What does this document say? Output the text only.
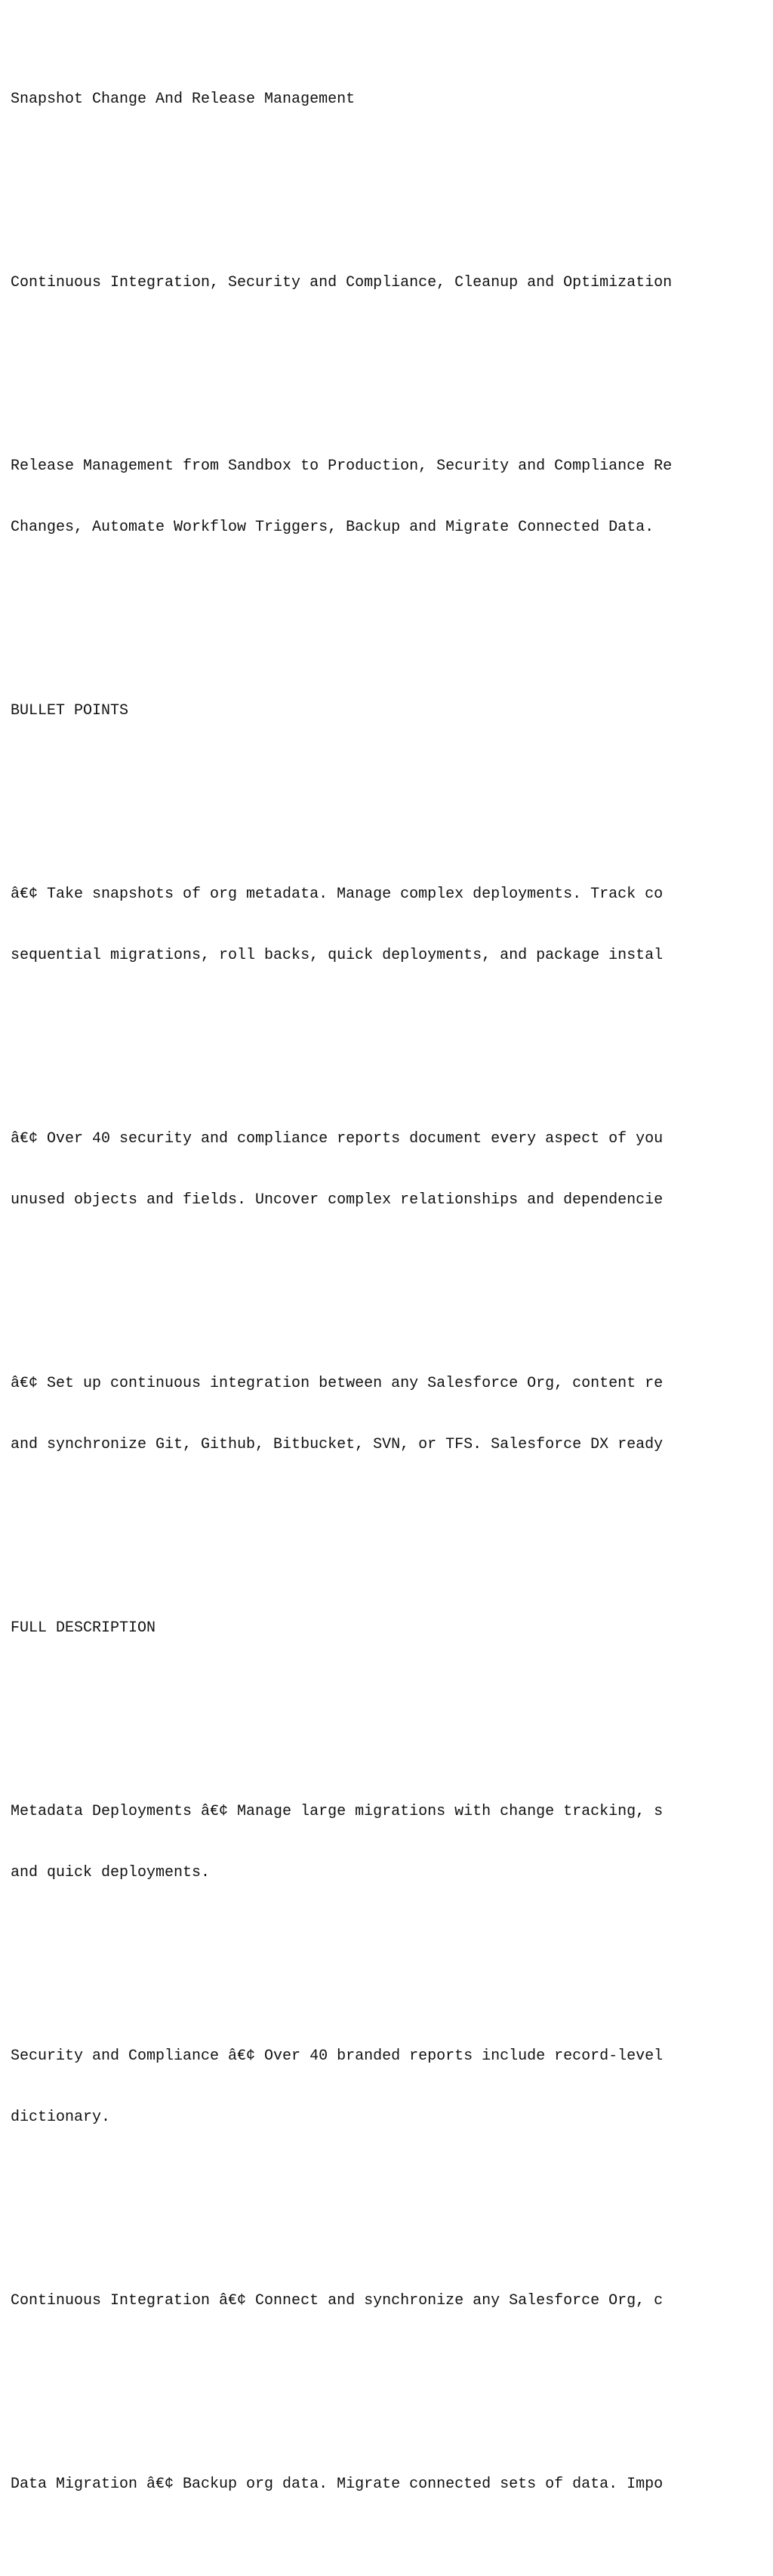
Snapshot Change And Release Management

Continuous Integration, Security and Compliance, Cleanup and Optimization

Release Management from Sandbox to Production, Security and Compliance Re

Changes, Automate Workflow Triggers, Backup and Migrate Connected Data.

BULLET POINTS

â€¢ Take snapshots of org metadata. Manage complex deployments. Track co

sequential migrations, roll backs, quick deployments, and package instal

â€¢ Over 40 security and compliance reports document every aspect of you

unused objects and fields. Uncover complex relationships and dependencie

â€¢ Set up continuous integration between any Salesforce Org, content re

and synchronize Git, Github, Bitbucket, SVN, or TFS. Salesforce DX ready

FULL DESCRIPTION

Metadata Deployments â€¢ Manage large migrations with change tracking, s

and quick deployments.

Security and Compliance â€¢ Over 40 branded reports include record-level

dictionary.

Continuous Integration â€¢ Connect and synchronize any Salesforce Org, c

Data Migration â€¢ Backup org data. Migrate connected sets of data. Impo
